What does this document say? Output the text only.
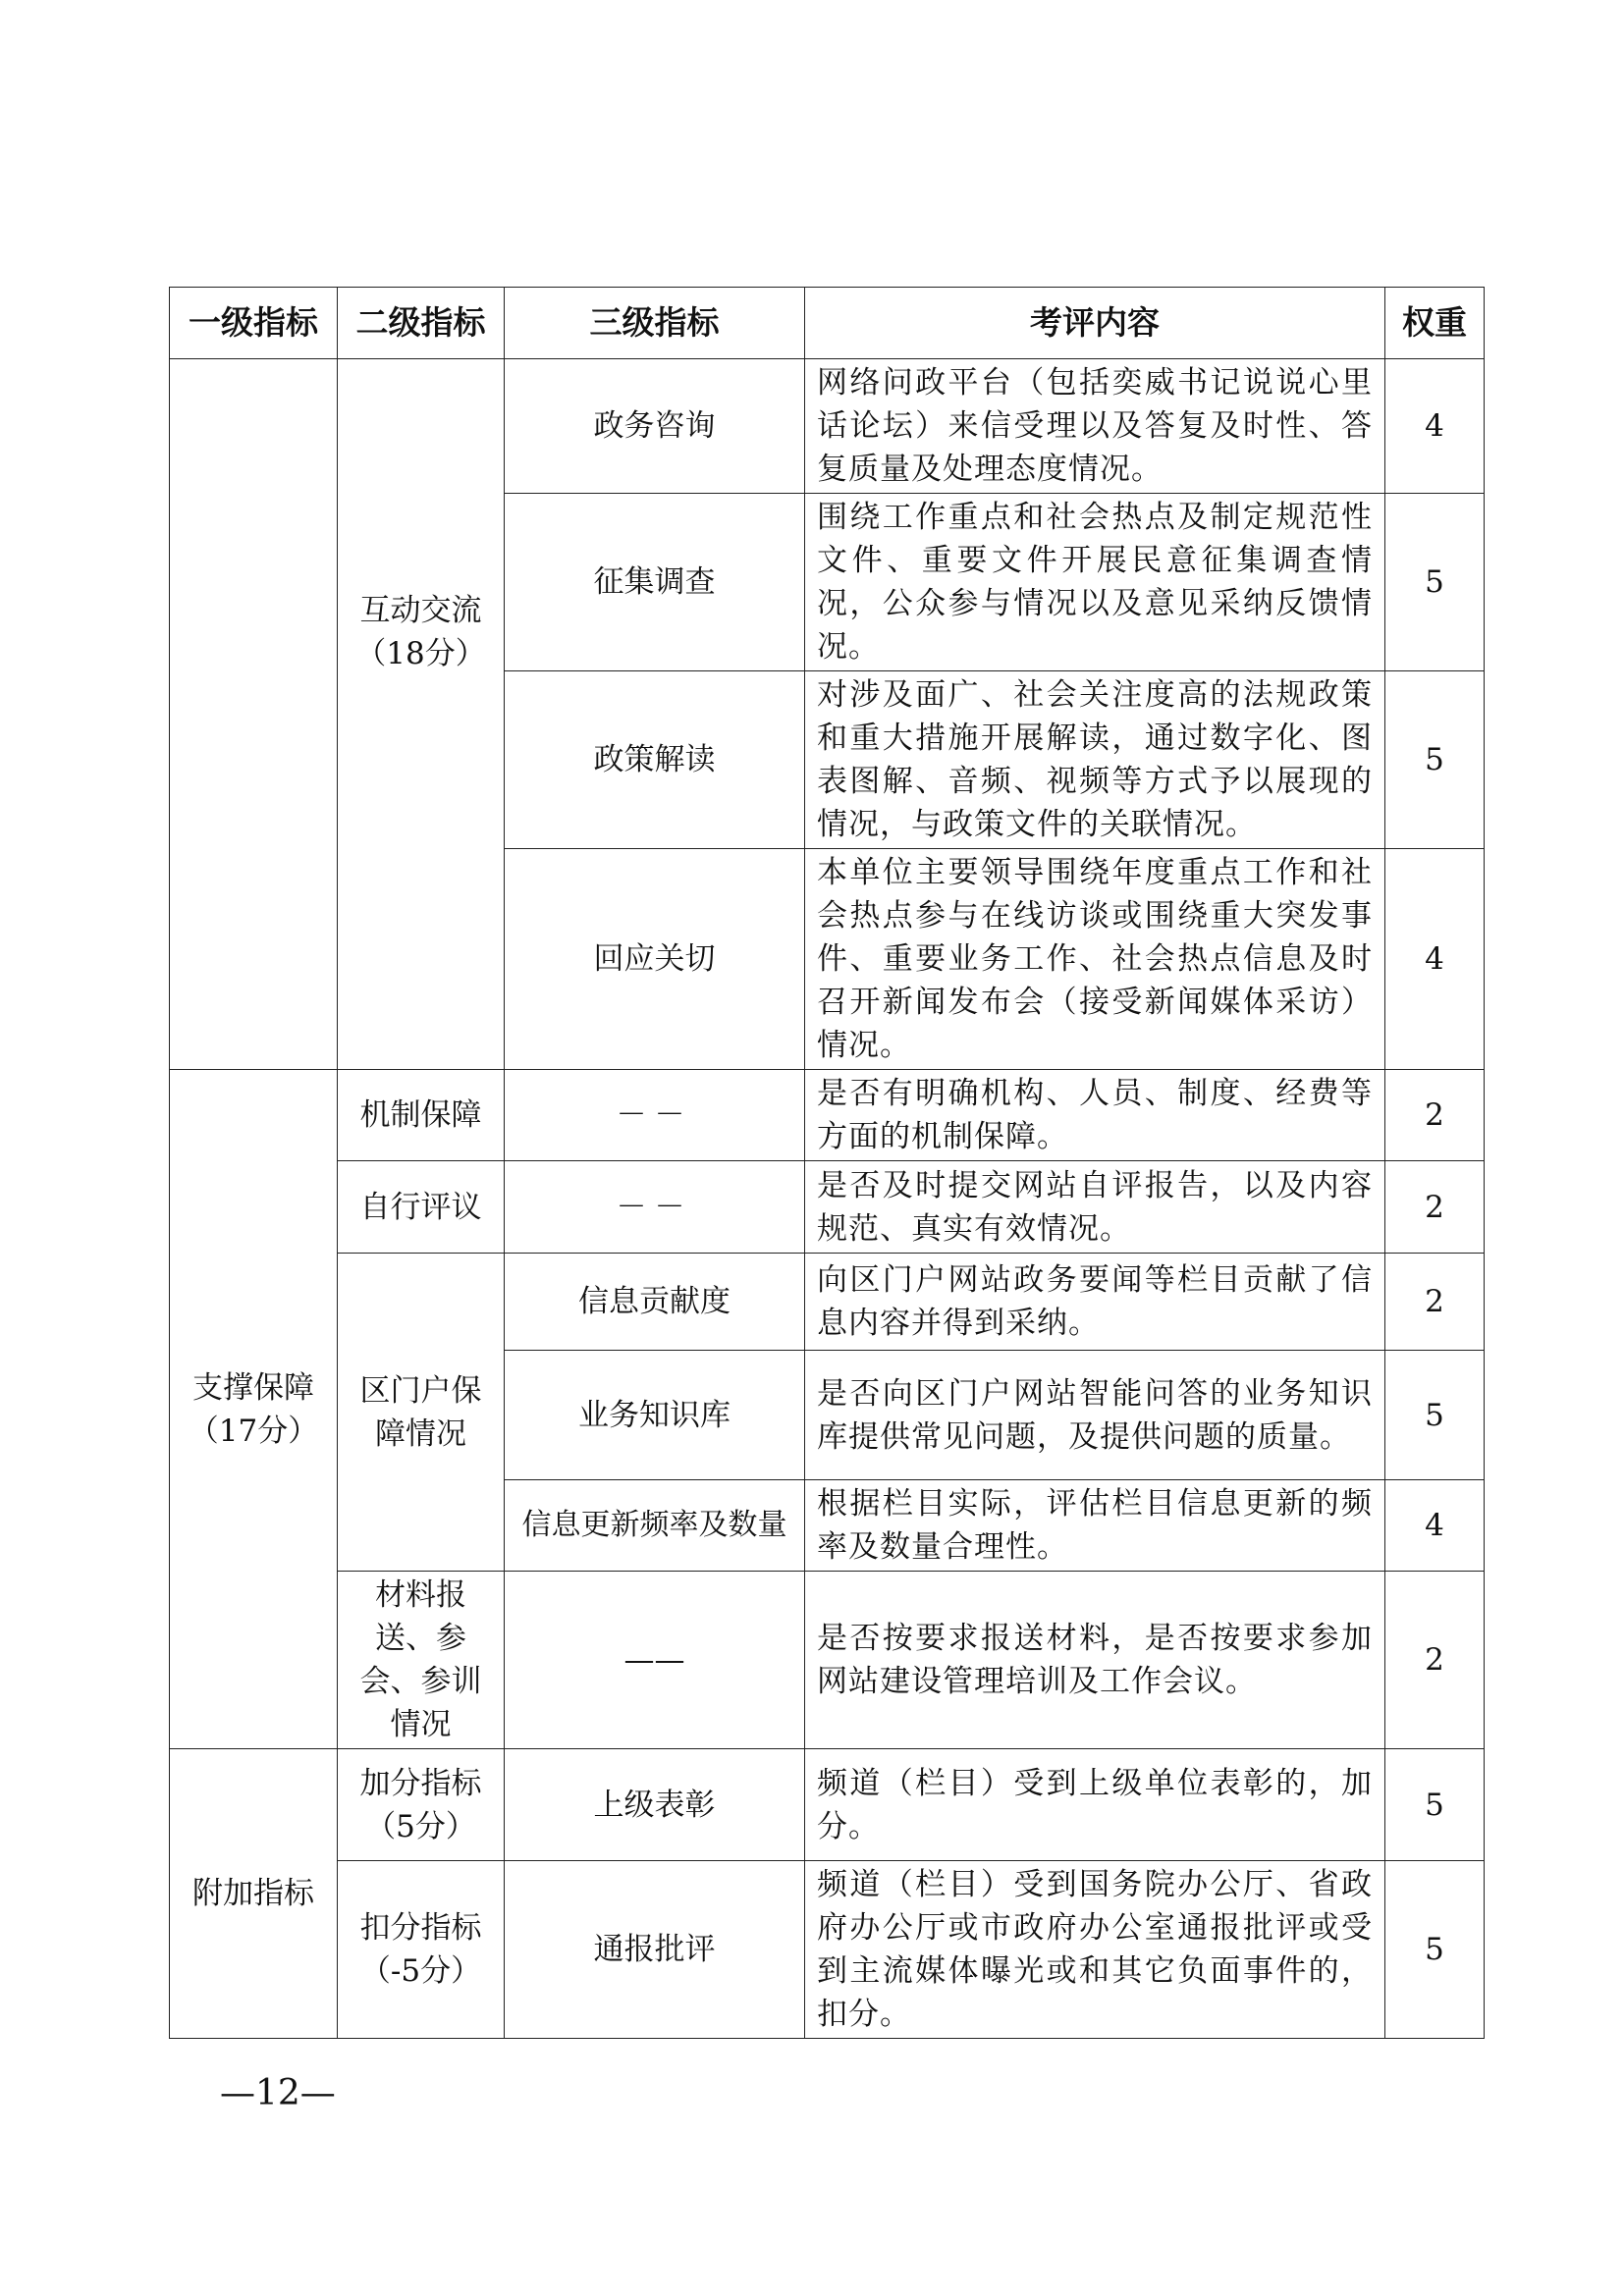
一级指标	二级指标	三级指标	考评内容	权重
	互动交流（18分）	政务咨询	网络问政平台（包括奕威书记说说心里话论坛）来信受理以及答复及时性、答复质量及处理态度情况。	4
		征集调查	围绕工作重点和社会热点及制定规范性文件、重要文件开展民意征集调查情况，公众参与情况以及意见采纳反馈情况。	5
		政策解读	对涉及面广、社会关注度高的法规政策和重大措施开展解读，通过数字化、图表图解、音频、视频等方式予以展现的情况，与政策文件的关联情况。	5
		回应关切	本单位主要领导围绕年度重点工作和社会热点参与在线访谈或围绕重大突发事件、重要业务工作、社会热点信息及时召开新闻发布会（接受新闻媒体采访）情况。	4
支撑保障（17分）	机制保障	－－	是否有明确机构、人员、制度、经费等方面的机制保障。	2
	自行评议	－－	是否及时提交网站自评报告，以及内容规范、真实有效情况。	2
	区门户保障情况	信息贡献度	向区门户网站政务要闻等栏目贡献了信息内容并得到采纳。	2
		业务知识库	是否向区门户网站智能问答的业务知识库提供常见问题，及提供问题的质量。	5
		信息更新频率及数量	根据栏目实际，评估栏目信息更新的频率及数量合理性。	4
	材料报送、参会、参训情况	——	是否按要求报送材料，是否按要求参加网站建设管理培训及工作会议。	2
附加指标	加分指标（5分）	上级表彰	频道（栏目）受到上级单位表彰的，加分。	5
	扣分指标（-5分）	通报批评	频道（栏目）受到国务院办公厅、省政府办公厅或市政府办公室通报批评或受到主流媒体曝光或和其它负面事件的，扣分。	5
—12—
